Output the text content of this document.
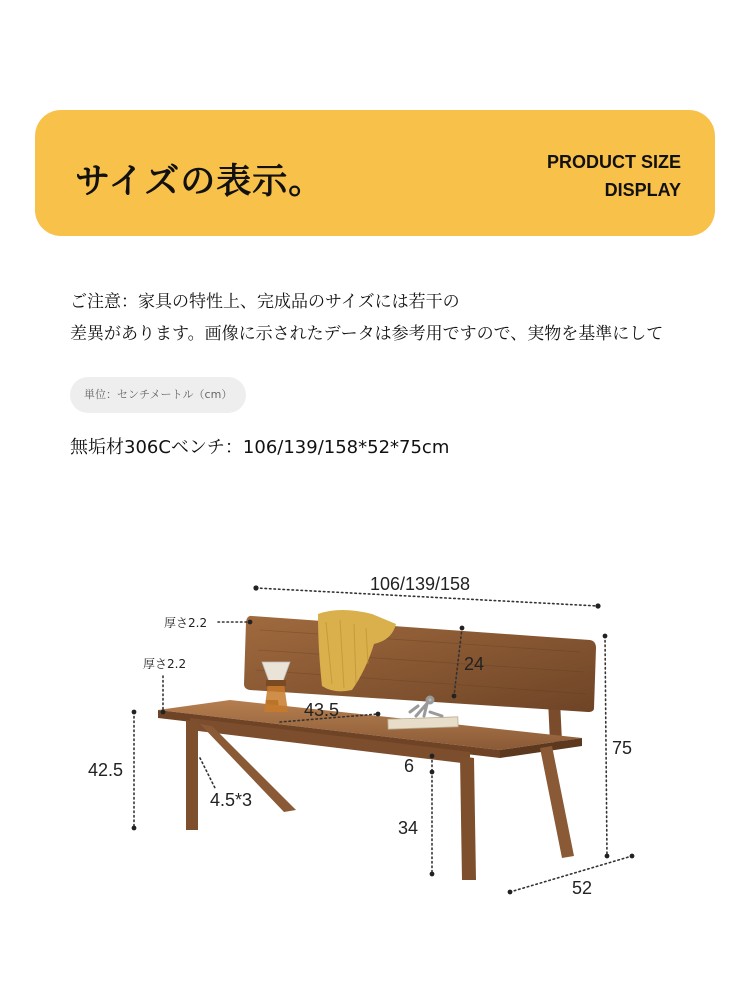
サイズの表示。	PRODUCT SIZE
DISPLAY
ご注意：家具の特性上、完成品のサイズには若干の
差異があります。画像に示されたデータは参考用ですので、実物を基準にして
単位：センチメートル（cm）
無垢材306Cベンチ：106/139/158*52*75cm
106/139/158
厚さ2.2
厚さ2.2	24
43.5
42.5
4.5*3
6
34
75
52
